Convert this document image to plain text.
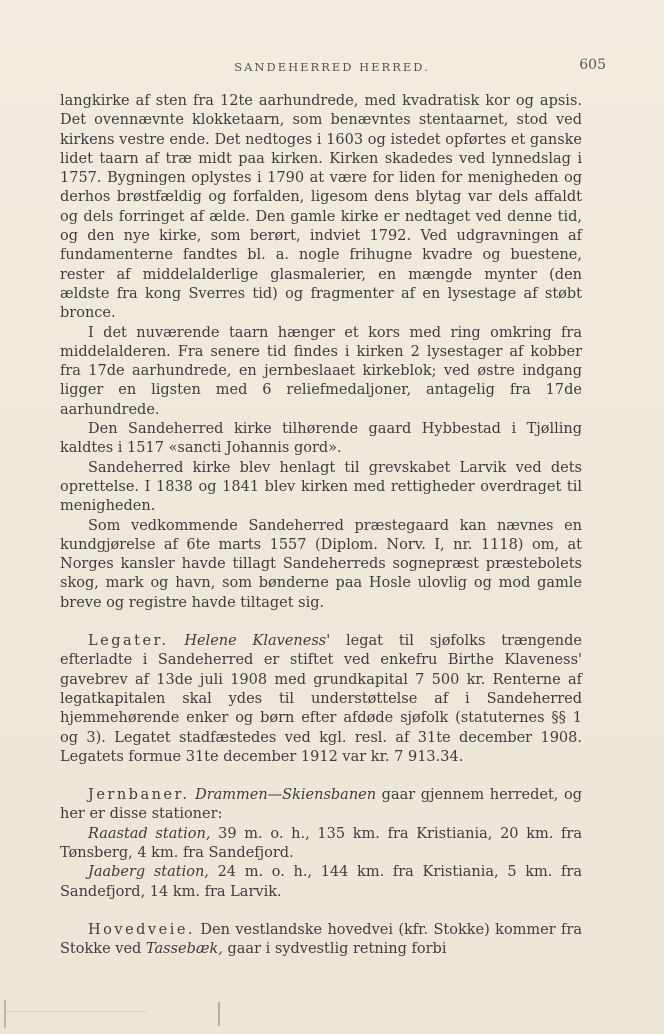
SANDEHERRED HERRED.	605

langkirke af sten fra 12te aarhundrede, med kvadratisk kor og apsis. Det ovennævnte klokketaarn, som benævntes stentaarnet, stod ved kirkens vestre ende. Det nedtoges i 1603 og istedet opførtes et ganske lidet taarn af træ midt paa kirken. Kirken skadedes ved lynnedslag i 1757. Bygningen oplystes i 1790 at være for liden for menigheden og derhos brøstfældig og forfalden, ligesom dens blytag var dels affaldt og dels forringet af ælde. Den gamle kirke er nedtaget ved denne tid, og den nye kirke, som berørt, indviet 1792. Ved udgravningen af fundamenterne fandtes bl. a. nogle frihugne kvadre og buestene, rester af middelalderlige glasmalerier, en mængde mynter (den ældste fra kong Sverres tid) og fragmenter af en lysestage af støbt bronce.

I det nuværende taarn hænger et kors med ring omkring fra middelalderen. Fra senere tid findes i kirken 2 lysestager af kobber fra 17de aarhundrede, en jernbeslaaet kirkeblok; ved østre indgang ligger en ligsten med 6 reliefmedaljoner, antagelig fra 17de aarhundrede.

Den Sandeherred kirke tilhørende gaard Hybbestad i Tjølling kaldtes i 1517 «sancti Johannis gord».

Sandeherred kirke blev henlagt til grevskabet Larvik ved dets oprettelse. I 1838 og 1841 blev kirken med rettigheder overdraget til menigheden.

Som vedkommende Sandeherred præstegaard kan nævnes en kundgjørelse af 6te marts 1557 (Diplom. Norv. I, nr. 1118) om, at Norges kansler havde tillagt Sandeherreds sognepræst præstebolets skog, mark og havn, som bønderne paa Hosle ulovlig og mod gamle breve og registre havde tiltaget sig.

Legater. Helene Klaveness' legat til sjøfolks trængende efterladte i Sandeherred er stiftet ved enkefru Birthe Klaveness' gavebrev af 13de juli 1908 med grundkapital 7 500 kr. Renterne af legatkapitalen skal ydes til understøttelse af i Sandeherred hjemmehørende enker og børn efter afdøde sjøfolk (statuternes §§ 1 og 3). Legatet stadfæstedes ved kgl. resl. af 31te december 1908. Legatets formue 31te december 1912 var kr. 7 913.34.

Jernbaner. Drammen—Skiensbanen gaar gjennem herredet, og her er disse stationer:

Raastad station, 39 m. o. h., 135 km. fra Kristiania, 20 km. fra Tønsberg, 4 km. fra Sandefjord.

Jaaberg station, 24 m. o. h., 144 km. fra Kristiania, 5 km. fra Sandefjord, 14 km. fra Larvik.

Hovedveie. Den vestlandske hovedvei (kfr. Stokke) kommer fra Stokke ved Tassebæk, gaar i sydvestlig retning forbi
